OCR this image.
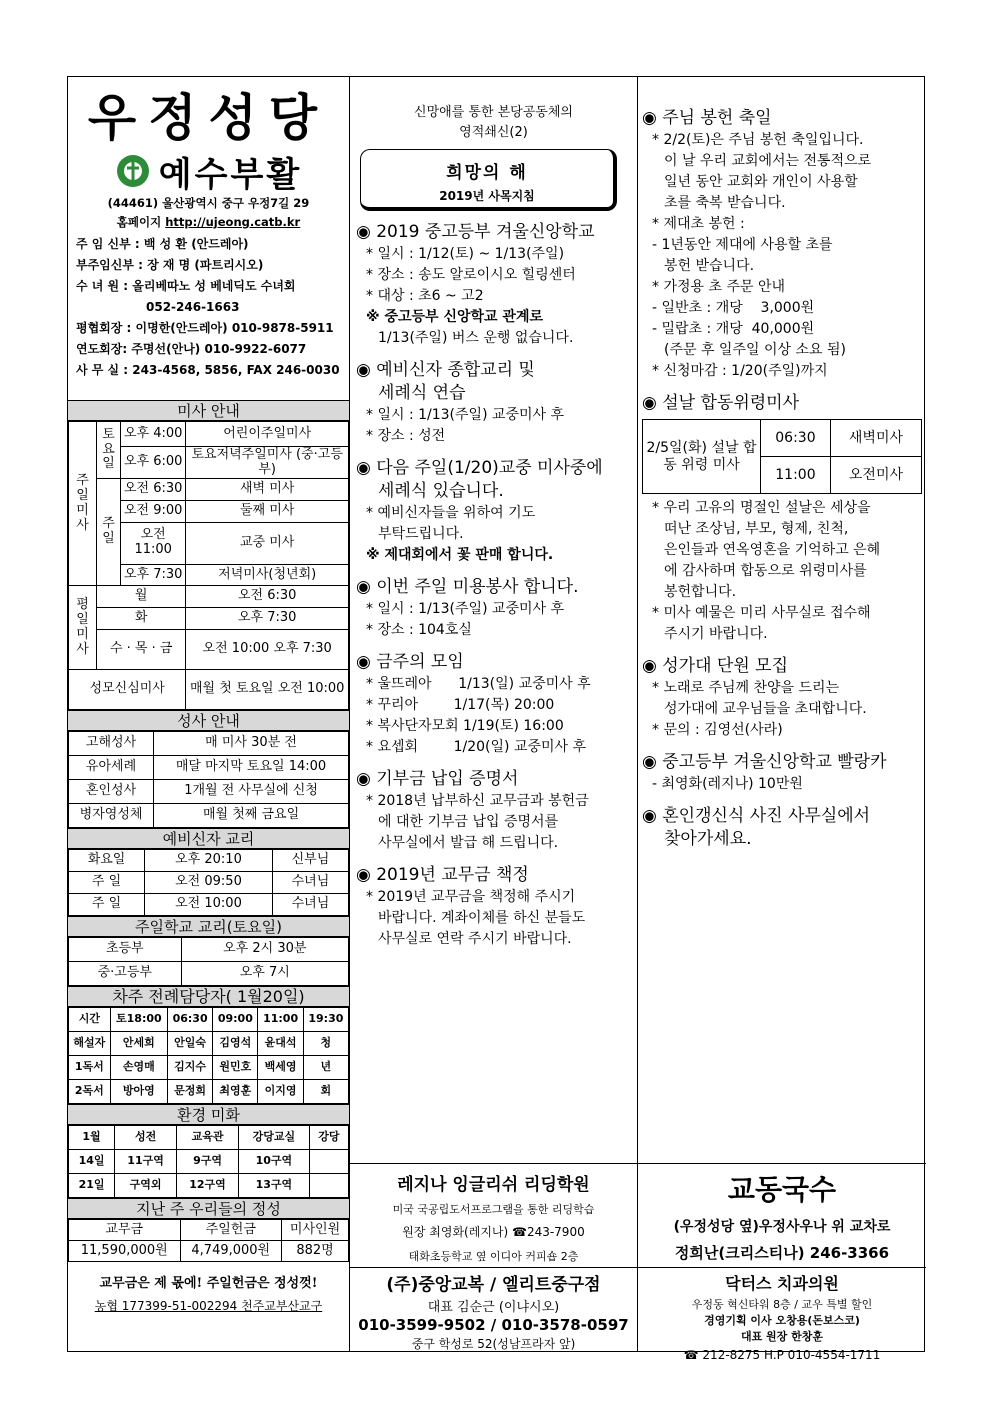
우정성당
예수부활
(44461) 울산광역시 중구 우정7길 29
홈페이지 http://ujeong.catb.kr
주 임 신부 : 백 성 환 (안드레아)
부주임신부 : 장 재 명 (파트리시오)
수 녀 원 : 올리베따노 성 베네딕도 수녀회
052-246-1663
평협회장 : 이명한(안드레아) 010-9878-5911
연도회장: 주명선(안나) 010-9922-6077
사 무 실 : 243-4568, 5856, FAX 246-0030
미사 안내
주 일 미 사	토 요 일	오후 4:00	어린이주일미사
		오후 6:00	토요저녁주일미사 (중·고등부)
	주 일	오전 6:30	새벽 미사
		오전 9:00	둘째 미사
		오전11:00	교중 미사
		오후 7:30	저녁미사(청년회)
평 일 미 사	월		오전 6:30
	화		오후 7:30
	수 · 목 · 금		오전 10:00 오후 7:30
성모신심미사			매월 첫 토요일 오전 10:00
성사 안내
고해성사	매 미사 30분 전
유아세례	매달 마지막 토요일 14:00
혼인성사	1개월 전 사무실에 신청
병자영성체	매월 첫째 금요일
예비신자 교리
화요일	오후 20:10	신부님
주 일	오전 09:50	수녀님
주 일	오전 10:00	수녀님
주일학교 교리(토요일)
초등부	오후 2시 30분
중·고등부	오후 7시
차주 전례담당자( 1월20일)
시간	토18:00	06:30	09:00	11:00	19:30
해설자	안세희	안일숙	김영석	윤대석	청
1독서	손영매	김지수	원민호	백세영	년
2독서	방아영	문정희	최영훈	이지영	회
환경 미화
1월	성전	교육관	강당교실	강당
14일	11구역	9구역	10구역	
21일	구역외	12구역	13구역	
지난 주 우리들의 정성
교무금	주일헌금	미사인원
11,590,000원	4,749,000원	882명
교무금은 제 몫에! 주일헌금은 정성껏!
농협 177399-51-002294 천주교부산교구
신망애를 통한 본당공동체의
영적쇄신(2)
희망의 해
2019년 사목지침
◉ 2019 중고등부 겨울신앙학교
* 일시 : 1/12(토) ~ 1/13(주일)
* 장소 : 송도 알로이시오 힐링센터
* 대상 : 초6 ~ 고2
※ 중고등부 신앙학교 관계로
1/13(주일) 버스 운행 없습니다.
◉ 예비신자 종합교리 및
세례식 연습
* 일시 : 1/13(주일) 교중미사 후
* 장소 : 성전
◉ 다음 주일(1/20)교중 미사중에
세례식 있습니다.
* 예비신자들을 위하여 기도
부탁드립니다.
※ 제대회에서 꽃 판매 합니다.
◉ 이번 주일 미용봉사 합니다.
* 일시 : 1/13(주일) 교중미사 후
* 장소 : 104호실
◉ 금주의 모임
* 울뜨레아      1/13(일) 교중미사 후
* 꾸리아        1/17(목) 20:00
* 복사단자모회 1/19(토) 16:00
* 요셉회        1/20(일) 교중미사 후
◉ 기부금 납입 증명서
* 2018년 납부하신 교무금과 봉헌금
에 대한 기부금 납입 증명서를
사무실에서 발급 해 드립니다.
◉ 2019년 교무금 책정
* 2019년 교무금을 책정해 주시기
바랍니다. 계좌이체를 하신 분들도
사무실로 연락 주시기 바랍니다.
◉ 주님 봉헌 축일
* 2/2(토)은 주님 봉헌 축일입니다.
이 날 우리 교회에서는 전통적으로
일년 동안 교회와 개인이 사용할
초를 축복 받습니다.
* 제대초 봉헌 :
- 1년동안 제대에 사용할 초를
봉헌 받습니다.
* 가정용 초 주문 안내
- 일반초 : 개당    3,000원
- 밀랍초 : 개당  40,000원
(주문 후 일주일 이상 소요 됨)
* 신청마감 : 1/20(주일)까지
◉ 설날 합동위령미사
2/5일(화) 설날 합동 위령 미사	06:30	새벽미사
	11:00	오전미사
* 우리 고유의 명절인 설날은 세상을
떠난 조상님, 부모, 형제, 친척,
은인들과 연옥영혼을 기억하고 은혜
에 감사하며 합동으로 위령미사를
봉헌합니다.
* 미사 예물은 미리 사무실로 접수해
주시기 바랍니다.
◉ 성가대 단원 모집
* 노래로 주님께 찬양을 드리는
성가대에 교우님들을 초대합니다.
* 문의 : 김영선(사라)
◉ 중고등부 겨울신앙학교 빨랑카
- 최영화(레지나) 10만원
◉ 혼인갱신식 사진 사무실에서
찾아가세요.
레지나 잉글리쉬 리딩학원
미국 국공립도서프로그램을 통한 리딩학습
원장 최영화(레지나) ☎243-7900
태화초등학교 옆 이디아 커피숍 2층
(주)중앙교복 / 엘리트중구점
대표 김순근 (이냐시오)
010-3599-9502 / 010-3578-0597
중구 학성로 52(성남프라자 앞)
교동국수
(우정성당 옆)우정사우나 위 교차로
정희난(크리스티나) 246-3366
닥터스 치과의원
우정동 혁신타워 8층 / 교우 특별 할인
경영기획 이사 오창용(돈보스코)
대표 원장 한창훈
☎ 212-8275 H.P 010-4554-1711
